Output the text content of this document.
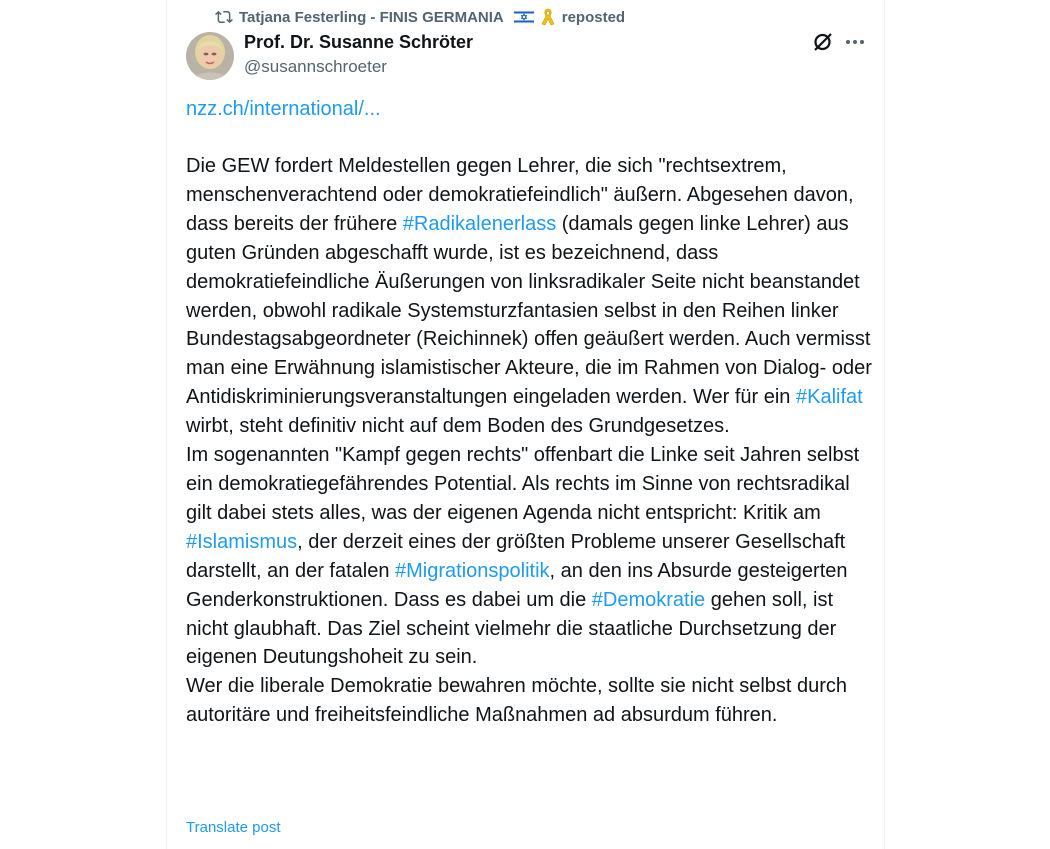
Tatjana Festerling - FINIS GERMANIA	reposted
Prof. Dr. Susanne Schröter
@susannschroeter
nzz.ch/international/...

Die GEW fordert Meldestellen gegen Lehrer, die sich "rechtsextrem, menschenverachtend oder demokratiefeindlich" äußern. Abgesehen davon, dass bereits der frühere #Radikalenerlass (damals gegen linke Lehrer) aus guten Gründen abgeschafft wurde, ist es bezeichnend, dass demokratiefeindliche Äußerungen von linksradikaler Seite nicht beanstandet werden, obwohl radikale Systemsturzfantasien selbst in den Reihen linker Bundestagsabgeordneter (Reichinnek) offen geäußert werden. Auch vermisst man eine Erwähnung islamistischer Akteure, die im Rahmen von Dialog- oder Antidiskriminierungsveranstaltungen eingeladen werden. Wer für ein #Kalifat wirbt, steht definitiv nicht auf dem Boden des Grundgesetzes.

Im sogenannten "Kampf gegen rechts" offenbart die Linke seit Jahren selbst ein demokratiegefährendes Potential. Als rechts im Sinne von rechtsradikal gilt dabei stets alles, was der eigenen Agenda nicht entspricht: Kritik am #Islamismus, der derzeit eines der größten Probleme unserer Gesellschaft darstellt, an der fatalen #Migrationspolitik, an den ins Absurde gesteigerten Genderkonstruktionen. Dass es dabei um die #Demokratie gehen soll, ist nicht glaubhaft. Das Ziel scheint vielmehr die staatliche Durchsetzung der eigenen Deutungshoheit zu sein.

Wer die liberale Demokratie bewahren möchte, sollte sie nicht selbst durch autoritäre und freiheitsfeindliche Maßnahmen ad absurdum führen.

Translate post
